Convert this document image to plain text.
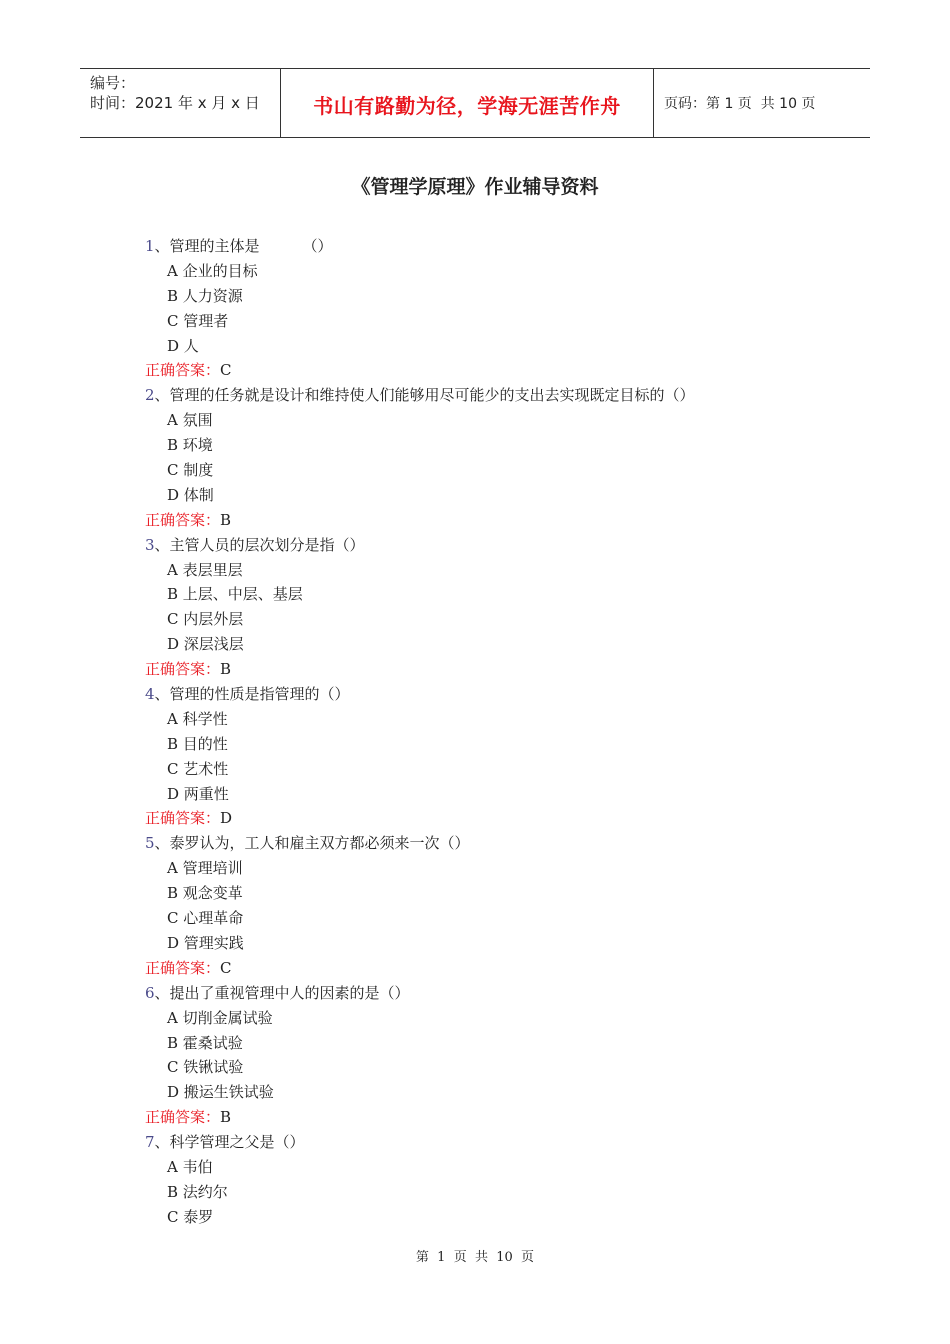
编号：
时间：2021 年 x 月 x 日	书山有路勤为径，学海无涯苦作舟	页码：第 1 页  共 10 页
《管理学原理》作业辅导资料
1、管理的主体是         （）
A 企业的目标
B 人力资源
C 管理者
D 人
正确答案：C
2、管理的任务就是设计和维持使人们能够用尽可能少的支出去实现既定目标的（）
A 氛围
B 环境
C 制度
D 体制
正确答案：B
3、主管人员的层次划分是指（）
A 表层里层
B 上层、中层、基层
C 内层外层
D 深层浅层
正确答案：B
4、管理的性质是指管理的（）
A 科学性
B 目的性
C 艺术性
D 两重性
正确答案：D
5、泰罗认为，工人和雇主双方都必须来一次（）
A 管理培训
B 观念变革
C 心理革命
D 管理实践
正确答案：C
6、提出了重视管理中人的因素的是（）
A 切削金属试验
B 霍桑试验
C 铁锹试验
D 搬运生铁试验
正确答案：B
7、科学管理之父是（）
A 韦伯
B 法约尔
C 泰罗
第  1  页  共  10  页
